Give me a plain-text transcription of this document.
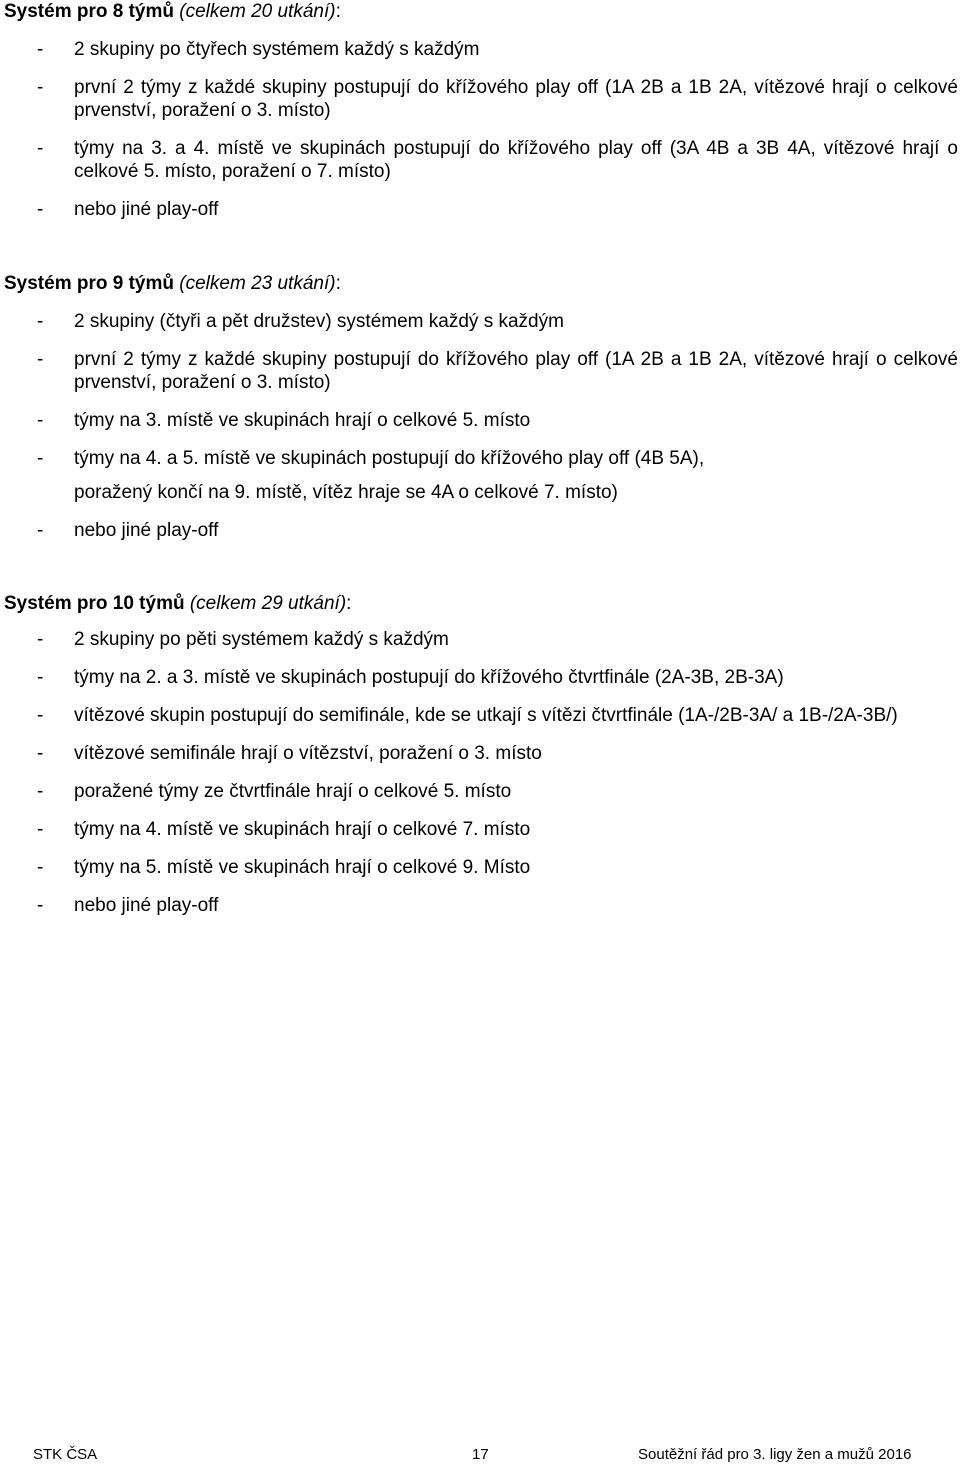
Systém pro 8 týmů (celkem 20 utkání):
- 2 skupiny po čtyřech systémem každý s každým
- první 2 týmy z každé skupiny postupují do křížového play off (1A 2B a 1B 2A, vítězové hrají o celkové prvenství, poražení o 3. místo)
- týmy na 3. a 4. místě ve skupinách postupují do křížového play off (3A 4B a 3B 4A, vítězové hrají o celkové 5. místo, poražení o 7. místo)
- nebo jiné play-off
Systém pro 9 týmů (celkem 23 utkání):
- 2 skupiny (čtyři a pět družstev) systémem každý s každým
- první 2 týmy z každé skupiny postupují do křížového play off (1A 2B a 1B 2A, vítězové hrají o celkové prvenství, poražení o 3. místo)
- týmy na 3. místě ve skupinách hrají o celkové 5. místo
- týmy na 4. a 5. místě ve skupinách postupují do křížového play off (4B 5A),
poražený končí na 9. místě, vítěz hraje se 4A o celkové 7. místo)
- nebo jiné play-off
Systém pro 10 týmů (celkem 29 utkání):
- 2 skupiny po pěti systémem každý s každým
- týmy na 2. a 3. místě ve skupinách postupují do křížového čtvrtfinále (2A-3B, 2B-3A)
- vítězové skupin postupují do semifinále, kde se utkají s vítězi čtvrtfinále (1A-/2B-3A/ a 1B-/2A-3B/)
- vítězové semifinále hrají o vítězství, poražení o 3. místo
- poražené týmy ze čtvrtfinále hrají o celkové 5. místo
- týmy na 4. místě ve skupinách hrají o celkové 7. místo
- týmy na 5. místě ve skupinách hrají o celkové 9. Místo
- nebo jiné play-off
STK ČSA	17	Soutěžní řád pro 3. ligy žen a mužů 2016
